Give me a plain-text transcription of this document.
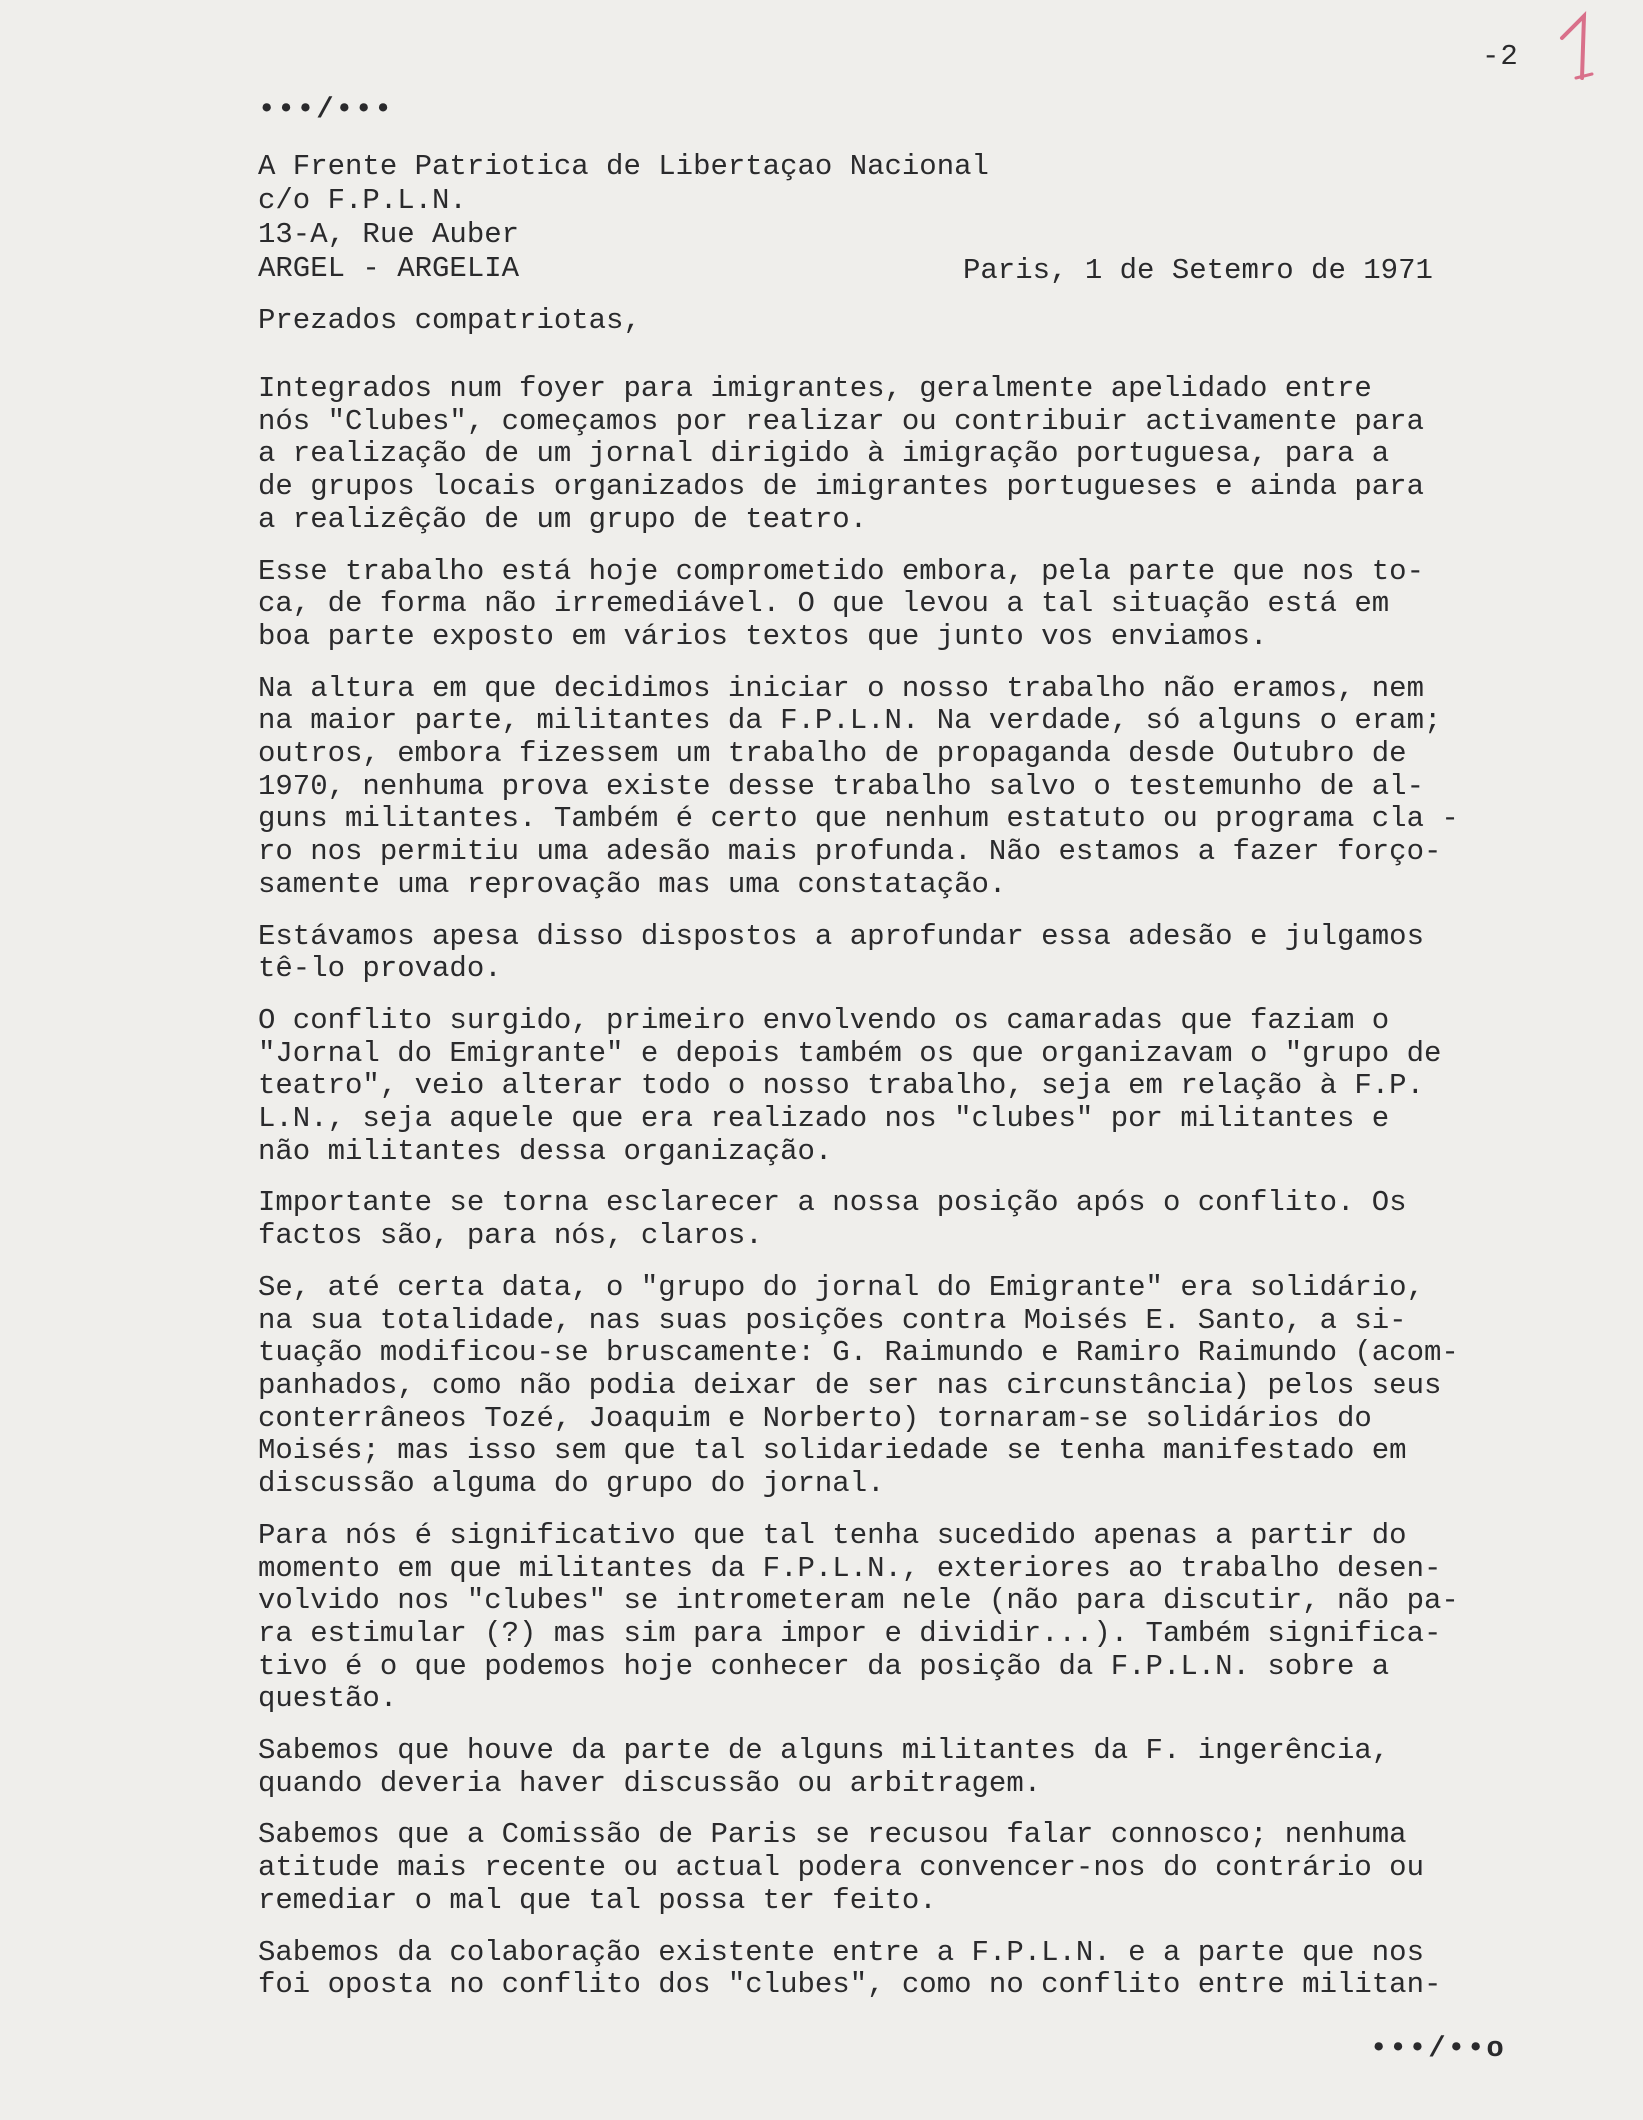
-2
•••/•••
A Frente Patriotica de Libertaçao Nacional
c/o F.P.L.N.
13-A, Rue Auber
ARGEL - ARGELIA	Paris, 1 de Setemro de 1971
Prezados compatriotas,
Integrados num foyer para imigrantes, geralmente apelidado entre
nós "Clubes", começamos por realizar ou contribuir activamente para
a realização de um jornal dirigido à imigração portuguesa, para a
de grupos locais organizados de imigrantes portugueses e ainda para
a realizêção de um grupo de teatro.
Esse trabalho está hoje comprometido embora, pela parte que nos to-
ca, de forma não irremediável. O que levou a tal situação está em
boa parte exposto em vários textos que junto vos enviamos.
Na altura em que decidimos iniciar o nosso trabalho não eramos, nem
na maior parte, militantes da F.P.L.N. Na verdade, só alguns o eram;
outros, embora fizessem um trabalho de propaganda desde Outubro de
1970, nenhuma prova existe desse trabalho salvo o testemunho de al-
guns militantes. Também é certo que nenhum estatuto ou programa cla -
ro nos permitiu uma adesão mais profunda. Não estamos a fazer forço-
samente uma reprovação mas uma constatação.
Estávamos apesa disso dispostos a aprofundar essa adesão e julgamos
tê-lo provado.
O conflito surgido, primeiro envolvendo os camaradas que faziam o
"Jornal do Emigrante" e depois também os que organizavam o "grupo de
teatro", veio alterar todo o nosso trabalho, seja em relação à F.P.
L.N., seja aquele que era realizado nos "clubes" por militantes e
não militantes dessa organização.
Importante se torna esclarecer a nossa posição após o conflito. Os
factos são, para nós, claros.
Se, até certa data, o "grupo do jornal do Emigrante" era solidário,
na sua totalidade, nas suas posições contra Moisés E. Santo, a si-
tuação modificou-se bruscamente: G. Raimundo e Ramiro Raimundo (acom-
panhados, como não podia deixar de ser nas circunstância) pelos seus
conterrâneos Tozé, Joaquim e Norberto) tornaram-se solidários do
Moisés; mas isso sem que tal solidariedade se tenha manifestado em
discussão alguma do grupo do jornal.
Para nós é significativo que tal tenha sucedido apenas a partir do
momento em que militantes da F.P.L.N., exteriores ao trabalho desen-
volvido nos "clubes" se intrometeram nele (não para discutir, não pa-
ra estimular (?) mas sim para impor e dividir...). Também significa-
tivo é o que podemos hoje conhecer da posição da F.P.L.N. sobre a
questão.
Sabemos que houve da parte de alguns militantes da F. ingerência,
quando deveria haver discussão ou arbitragem.
Sabemos que a Comissão de Paris se recusou falar connosco; nenhuma
atitude mais recente ou actual podera convencer-nos do contrário ou
remediar o mal que tal possa ter feito.
Sabemos da colaboração existente entre a F.P.L.N. e a parte que nos
foi oposta no conflito dos "clubes", como no conflito entre militan-
•••/••o
